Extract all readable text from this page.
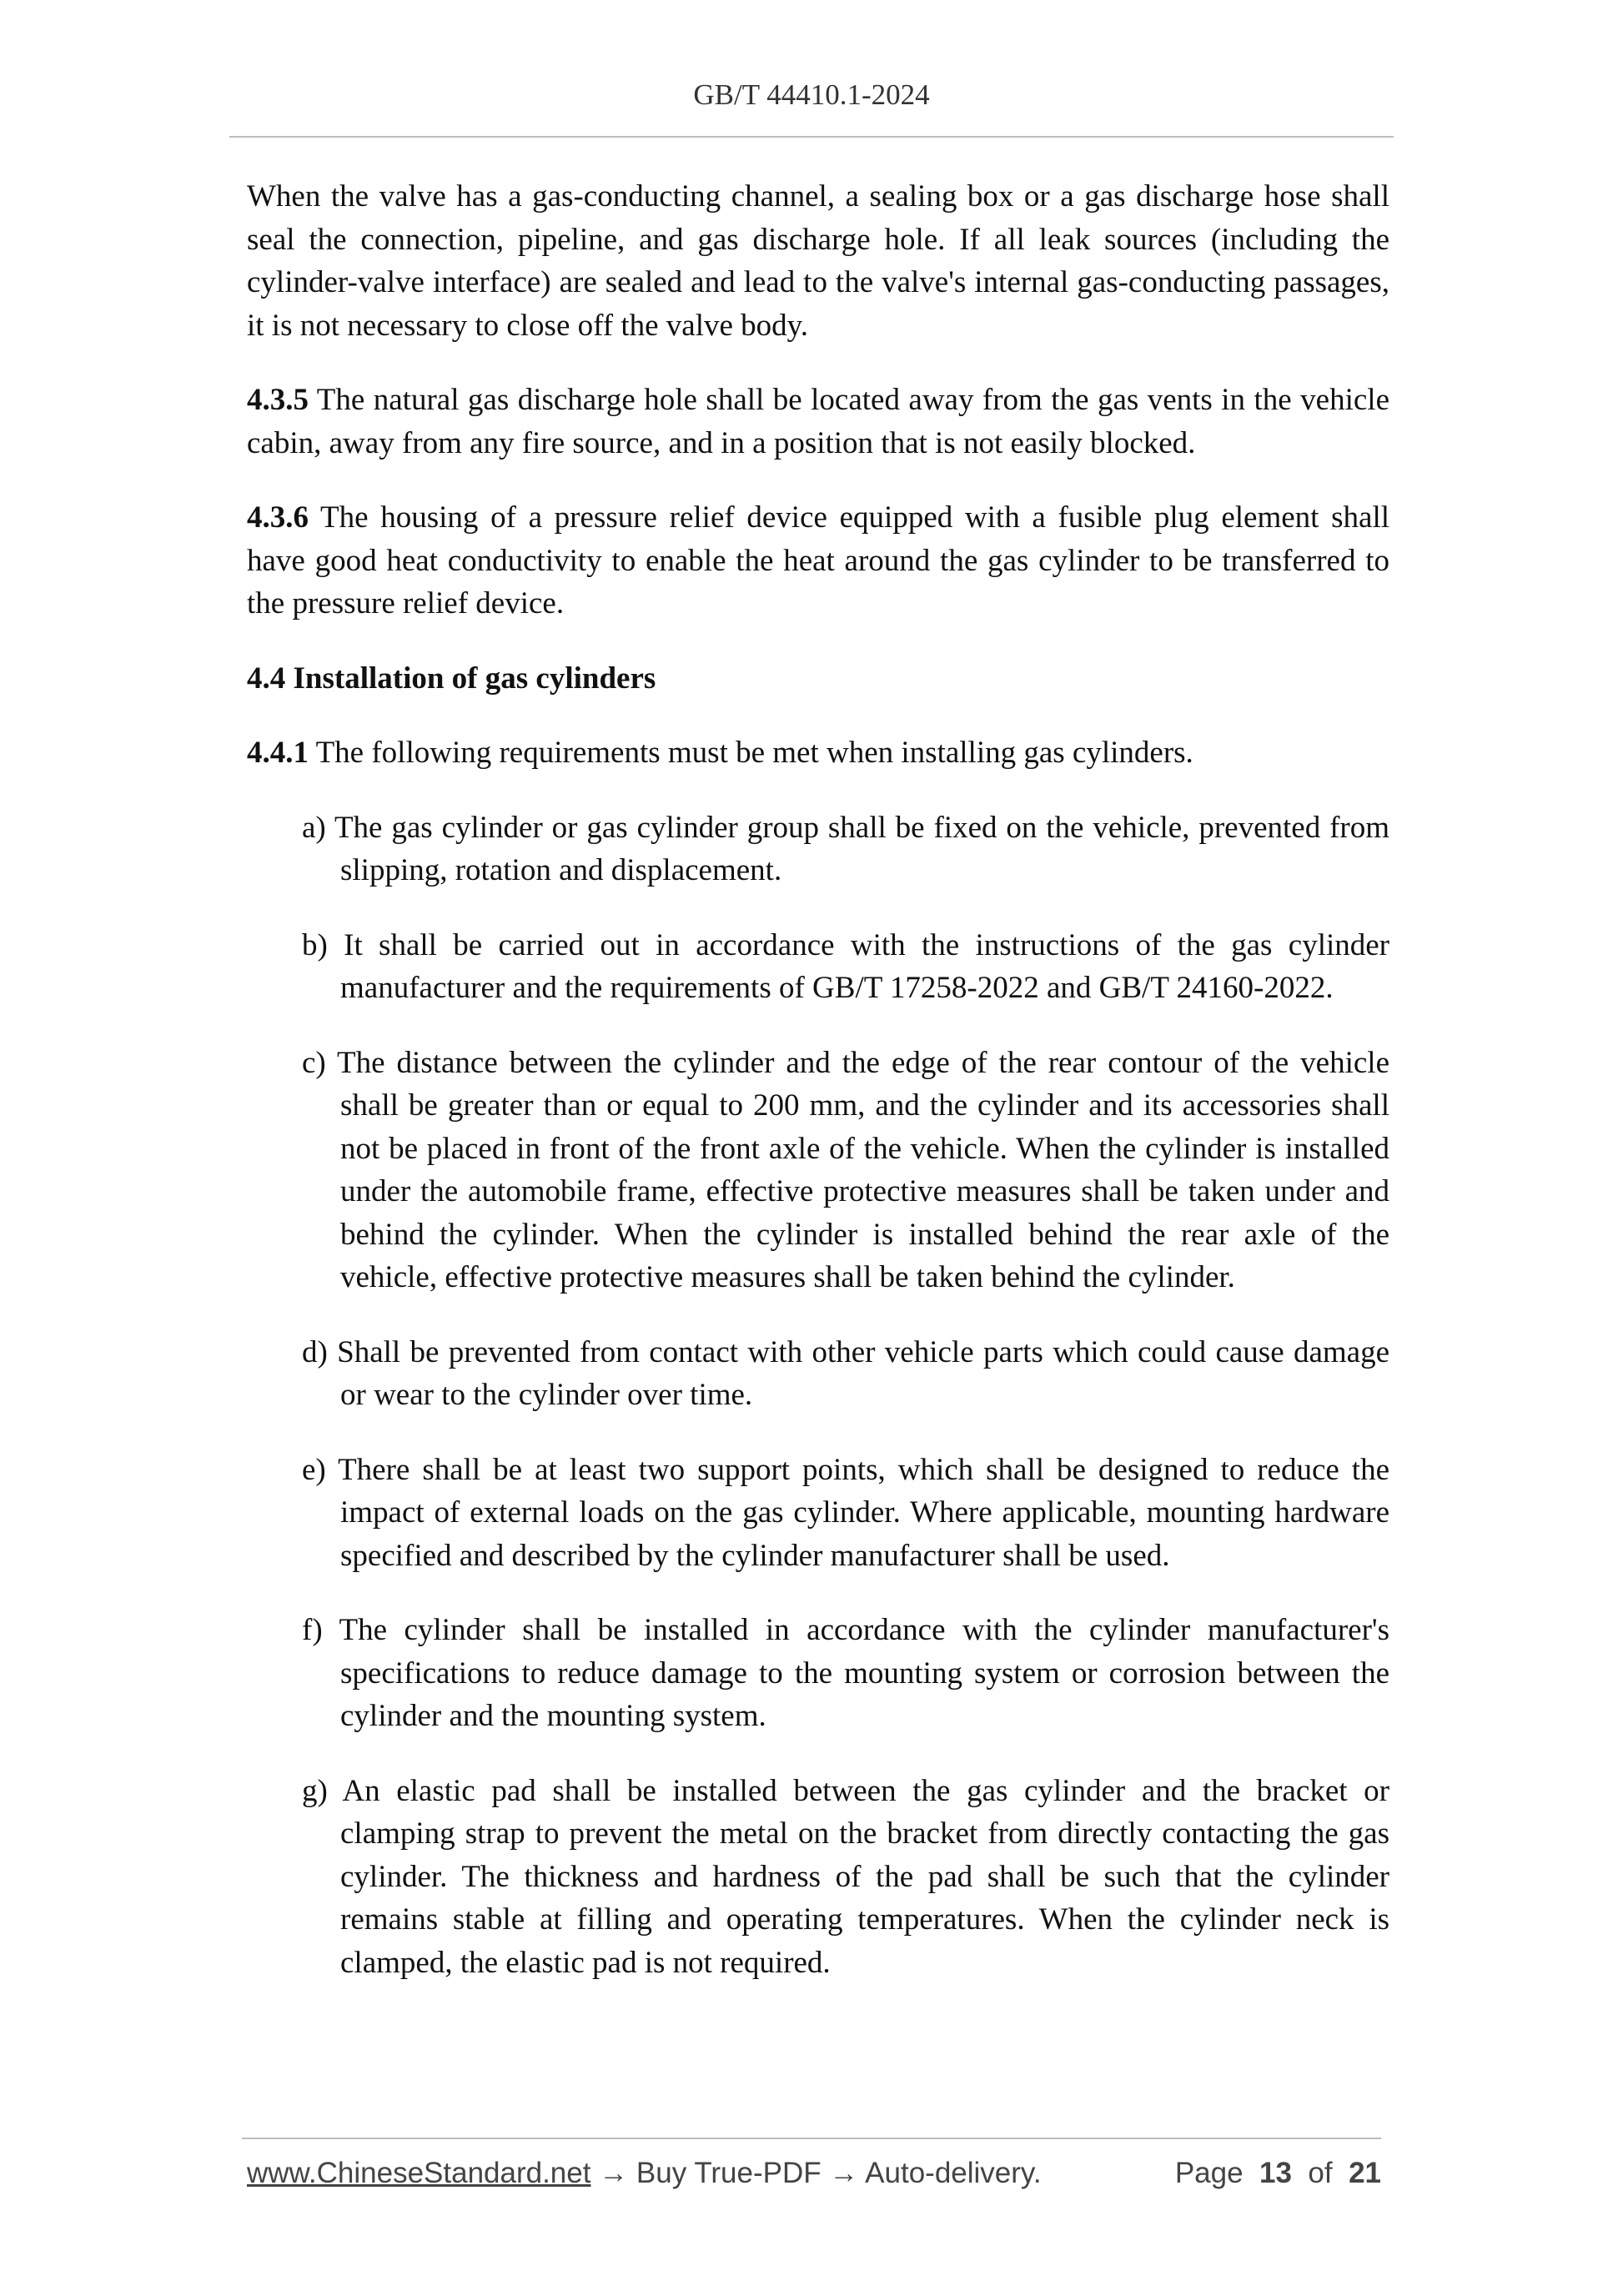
GB/T 44410.1-2024

When the valve has a gas-conducting channel, a sealing box or a gas discharge hose shall seal the connection, pipeline, and gas discharge hole. If all leak sources (including the cylinder-valve interface) are sealed and lead to the valve's internal gas-conducting passages, it is not necessary to close off the valve body.

4.3.5 The natural gas discharge hole shall be located away from the gas vents in the vehicle cabin, away from any fire source, and in a position that is not easily blocked.

4.3.6 The housing of a pressure relief device equipped with a fusible plug element shall have good heat conductivity to enable the heat around the gas cylinder to be transferred to the pressure relief device.

4.4 Installation of gas cylinders

4.4.1 The following requirements must be met when installing gas cylinders.

a) The gas cylinder or gas cylinder group shall be fixed on the vehicle, prevented from slipping, rotation and displacement.
b) It shall be carried out in accordance with the instructions of the gas cylinder manufacturer and the requirements of GB/T 17258-2022 and GB/T 24160-2022.
c) The distance between the cylinder and the edge of the rear contour of the vehicle shall be greater than or equal to 200 mm, and the cylinder and its accessories shall not be placed in front of the front axle of the vehicle. When the cylinder is installed under the automobile frame, effective protective measures shall be taken under and behind the cylinder. When the cylinder is installed behind the rear axle of the vehicle, effective protective measures shall be taken behind the cylinder.
d) Shall be prevented from contact with other vehicle parts which could cause damage or wear to the cylinder over time.
e) There shall be at least two support points, which shall be designed to reduce the impact of external loads on the gas cylinder. Where applicable, mounting hardware specified and described by the cylinder manufacturer shall be used.
f) The cylinder shall be installed in accordance with the cylinder manufacturer's specifications to reduce damage to the mounting system or corrosion between the cylinder and the mounting system.
g) An elastic pad shall be installed between the gas cylinder and the bracket or clamping strap to prevent the metal on the bracket from directly contacting the gas cylinder. The thickness and hardness of the pad shall be such that the cylinder remains stable at filling and operating temperatures. When the cylinder neck is clamped, the elastic pad is not required.
www.ChineseStandard.net → Buy True-PDF → Auto-delivery.	Page 13 of 21
